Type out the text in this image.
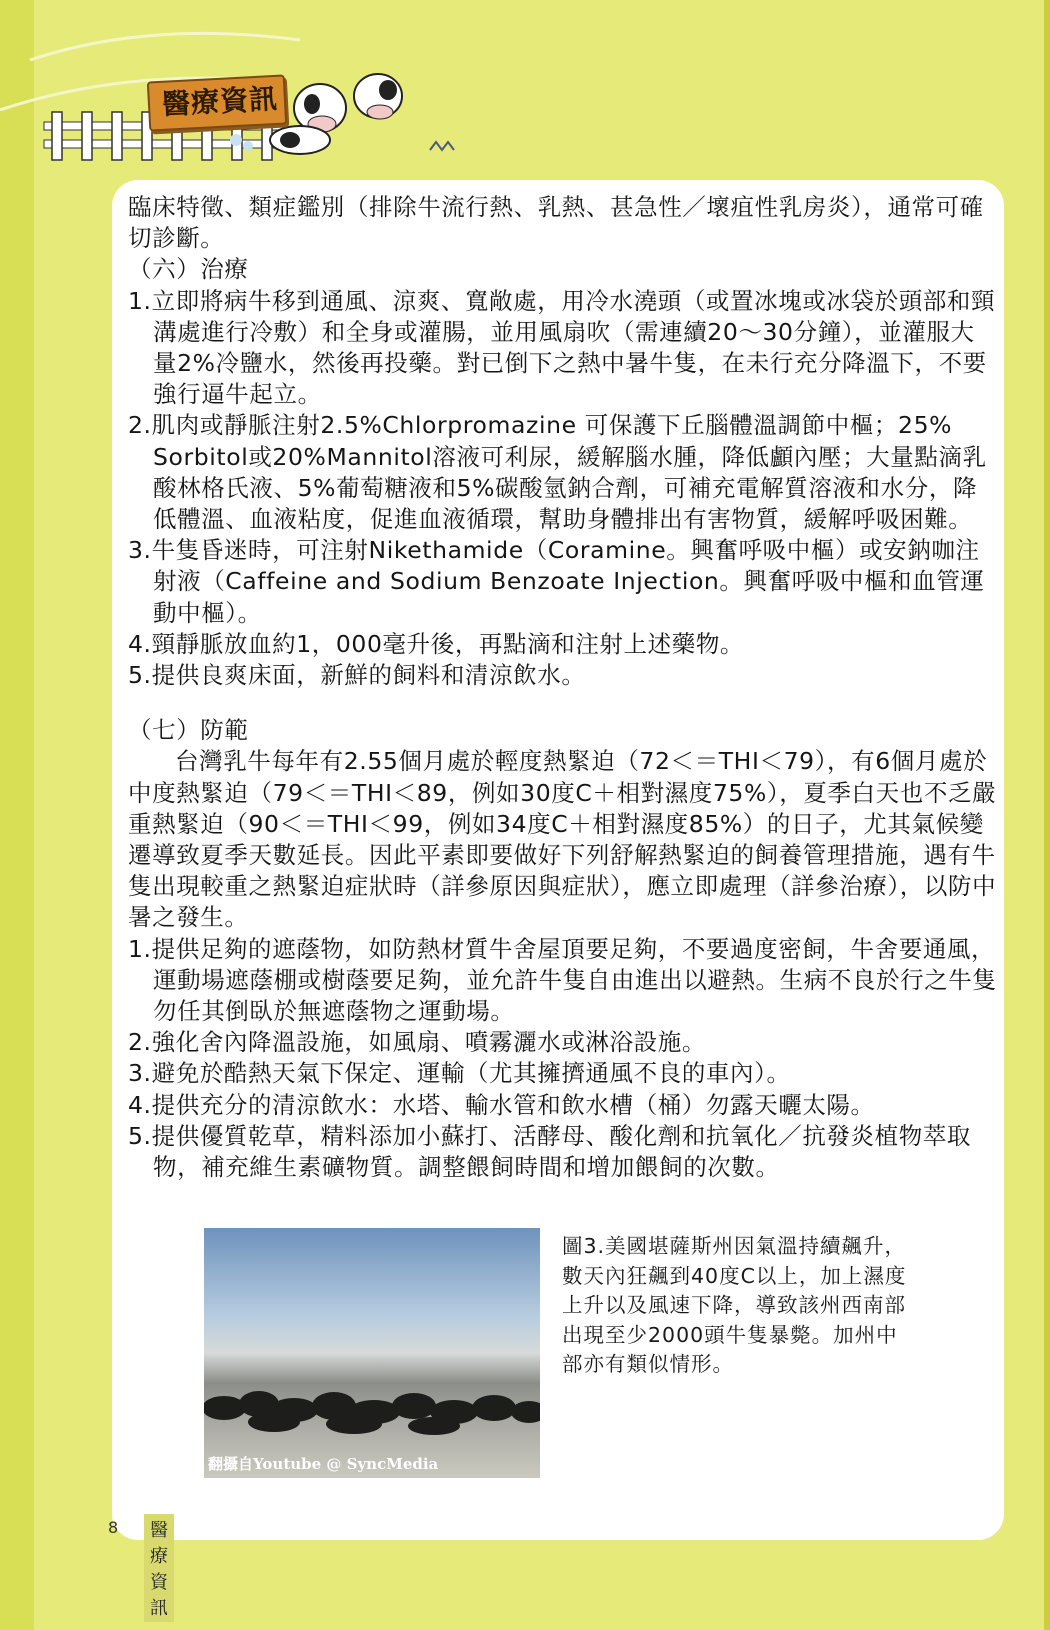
醫療資訊

臨床特徵、類症鑑別（排除牛流行熱、乳熱、甚急性／壞疽性乳房炎），通常可確切診斷。

（六）治療

1.立即將病牛移到通風、涼爽、寬敞處，用冷水澆頭（或置冰塊或冰袋於頭部和頸溝處進行冷敷）和全身或灌腸，並用風扇吹（需連續20～30分鐘），並灌服大量2%冷鹽水，然後再投藥。對已倒下之熱中暑牛隻，在未行充分降溫下，不要強行逼牛起立。

2.肌肉或靜脈注射2.5%Chlorpromazine 可保護下丘腦體溫調節中樞；25% Sorbitol或20%Mannitol溶液可利尿，緩解腦水腫，降低顱內壓；大量點滴乳酸林格氏液、5%葡萄糖液和5%碳酸氫鈉合劑，可補充電解質溶液和水分，降低體溫、血液粘度，促進血液循環，幫助身體排出有害物質，緩解呼吸困難。

3.牛隻昏迷時，可注射Nikethamide（Coramine。興奮呼吸中樞）或安鈉咖注射液（Caffeine and Sodium Benzoate Injection。興奮呼吸中樞和血管運動中樞）。

4.頸靜脈放血約1，000毫升後，再點滴和注射上述藥物。

5.提供良爽床面，新鮮的飼料和清涼飲水。

（七）防範

台灣乳牛每年有2.55個月處於輕度熱緊迫（72＜＝THI＜79），有6個月處於中度熱緊迫（79＜＝THI＜89，例如30度C＋相對濕度75%），夏季白天也不乏嚴重熱緊迫（90＜＝THI＜99，例如34度C＋相對濕度85%）的日子，尤其氣候變遷導致夏季天數延長。因此平素即要做好下列舒解熱緊迫的飼養管理措施，遇有牛隻出現較重之熱緊迫症狀時（詳參原因與症狀），應立即處理（詳參治療），以防中暑之發生。

1.提供足夠的遮蔭物，如防熱材質牛舍屋頂要足夠，不要過度密飼，牛舍要通風，運動場遮蔭棚或樹蔭要足夠，並允許牛隻自由進出以避熱。生病不良於行之牛隻勿任其倒臥於無遮蔭物之運動場。

2.強化舍內降溫設施，如風扇、噴霧灑水或淋浴設施。

3.避免於酷熱天氣下保定、運輸（尤其擁擠通風不良的車內）。

4.提供充分的清涼飲水：水塔、輸水管和飲水槽（桶）勿露天曬太陽。

5.提供優質乾草，精料添加小蘇打、活酵母、酸化劑和抗氧化／抗發炎植物萃取物，補充維生素礦物質。調整餵飼時間和增加餵飼的次數。

翻攝自Youtube @ SyncMedia
圖3.美國堪薩斯州因氣溫持續飆升，數天內狂飆到40度C以上，加上濕度上升以及風速下降，導致該州西南部出現至少2000頭牛隻暴斃。加州中部亦有類似情形。
8	醫療資訊
